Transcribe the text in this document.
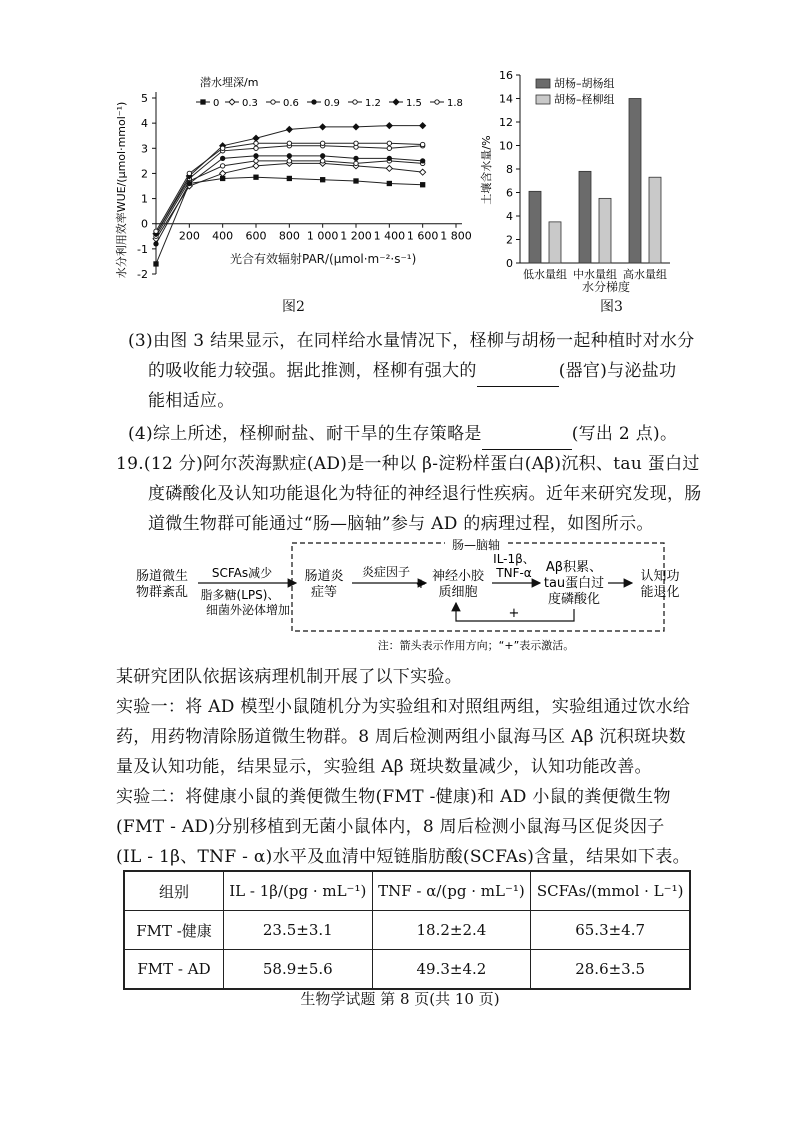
5
4
3
2
1
0
-1
-2
200 400 600 800 1 000 1 200 1 400 1 600 1 800
潜水埋深/m
0 0.3	0.6	0.9	1.2	1.5	1.8
水分利用效率WUE/(μmol·mmol⁻¹)	光合有效辐射PAR/(μmol·m⁻²·s⁻¹)
图2
16
14
12
10
8
6
4
2
0
低水量组 中水量组 高水量组
胡杨–胡杨组
胡杨–柽柳组
土壤含水量/%
水分梯度
图3
(3)由图 3 结果显示，在同样给水量情况下，柽柳与胡杨一起种植时对水分
的吸收能力较强。据此推测，柽柳有强大的	(器官)与泌盐功
能相适应。
(4)综上所述，柽柳耐盐、耐干旱的生存策略是	(写出 2 点)。
19.(12 分)阿尔茨海默症(AD)是一种以 β-淀粉样蛋白(Aβ)沉积、tau 蛋白过
度磷酸化及认知功能退化为特征的神经退行性疾病。近年来研究发现，肠
道微生物群可能通过“肠—脑轴”参与 AD 的病理过程，如图所示。
肠—脑轴
肠道微生
物群紊乱
SCFAs减少
脂多糖(LPS)、
细菌外泌体增加
肠道炎
症等
炎症因子 神经小胶
质细胞
IL-1β、
TNF-α Aβ积累、
tau蛋白过
度磷酸化
+
+
认知功
能退化
注：箭头表示作用方向；“+”表示激活。
某研究团队依据该病理机制开展了以下实验。
实验一：将 AD 模型小鼠随机分为实验组和对照组两组，实验组通过饮水给
药，用药物清除肠道微生物群。8 周后检测两组小鼠海马区 Aβ 沉积斑块数
量及认知功能，结果显示，实验组 Aβ 斑块数量减少，认知功能改善。
实验二：将健康小鼠的粪便微生物(FMT -健康)和 AD 小鼠的粪便微生物
(FMT - AD)分别移植到无菌小鼠体内，8 周后检测小鼠海马区促炎因子
(IL - 1β、TNF - α)水平及血清中短链脂肪酸(SCFAs)含量，结果如下表。
组别	IL - 1β/(pg · mL⁻¹)	TNF - α/(pg · mL⁻¹)	SCFAs/(mmol · L⁻¹)
FMT -健康	23.5±3.1	18.2±2.4	65.3±4.7
FMT - AD	58.9±5.6	49.3±4.2	28.6±3.5
生物学试题 第 8 页(共 10 页)
